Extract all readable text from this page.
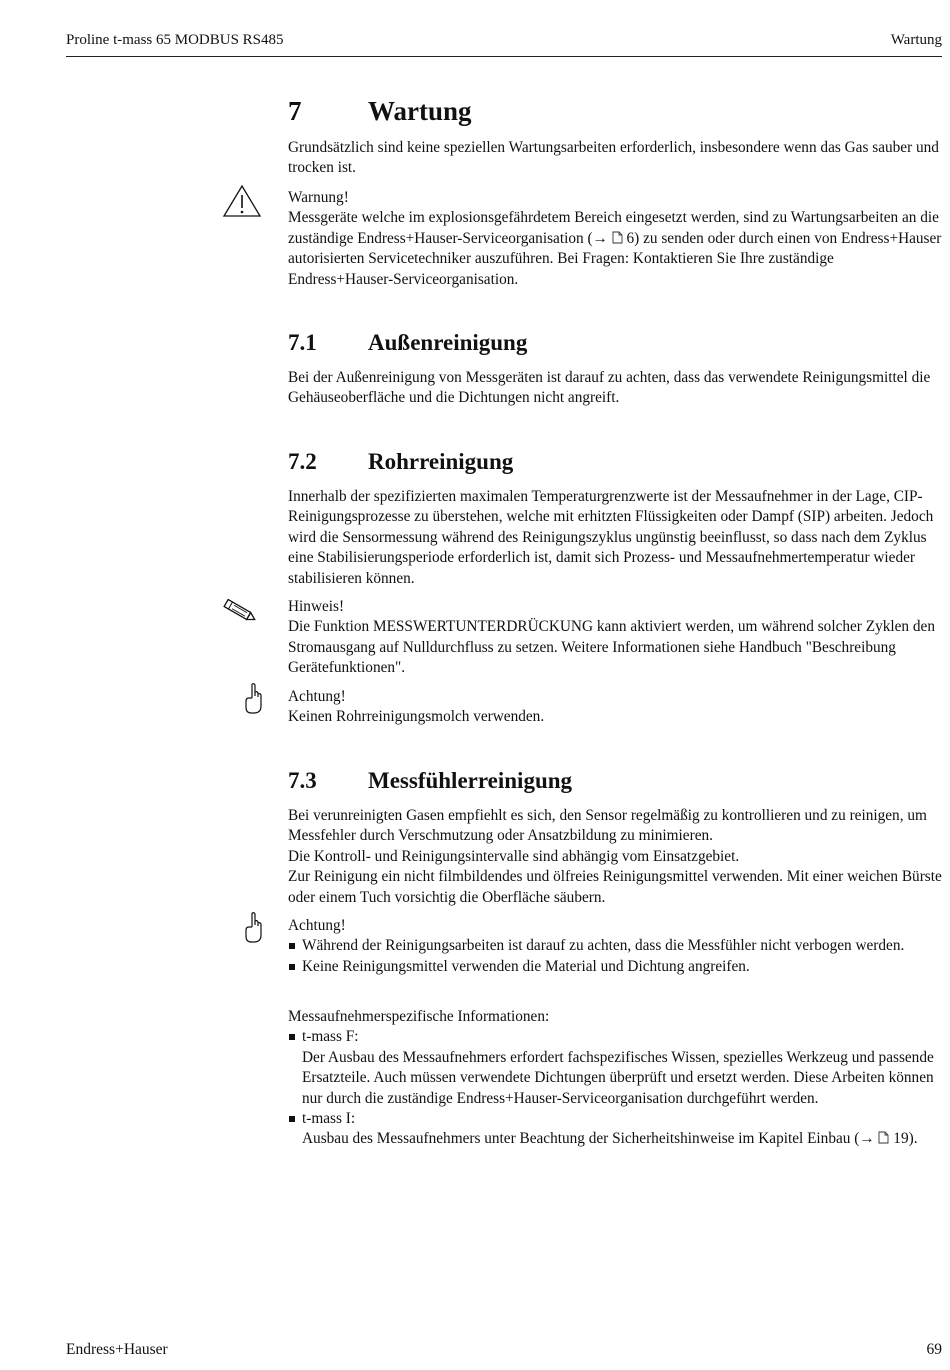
Proline t-mass 65 MODBUS RS485	Wartung
7 Wartung

Grundsätzlich sind keine speziellen Wartungsarbeiten erforderlich, insbesondere wenn das Gas sauber und trocken ist.

Warnung!

Messgeräte welche im explosionsgefährdetem Bereich eingesetzt werden, sind zu Wartungsarbeiten an die zuständige Endress+Hauser-Serviceorganisation (→ 6) zu senden oder durch einen von Endress+Hauser autorisierten Servicetechniker auszuführen. Bei Fragen: Kontaktieren Sie Ihre zuständige Endress+Hauser-Serviceorganisation.

7.1 Außenreinigung

Bei der Außenreinigung von Messgeräten ist darauf zu achten, dass das verwendete Reinigungsmittel die Gehäuseoberfläche und die Dichtungen nicht angreift.

7.2 Rohrreinigung

Innerhalb der spezifizierten maximalen Temperaturgrenzwerte ist der Messaufnehmer in der Lage, CIP-Reinigungsprozesse zu überstehen, welche mit erhitzten Flüssigkeiten oder Dampf (SIP) arbeiten. Jedoch wird die Sensormessung während des Reinigungszyklus ungünstig beeinflusst, so dass nach dem Zyklus eine Stabilisierungsperiode erforderlich ist, damit sich Prozess- und Messaufnehmertemperatur wieder stabilisieren können.

Hinweis!

Die Funktion MESSWERTUNTERDRÜCKUNG kann aktiviert werden, um während solcher Zyklen den Stromausgang auf Nulldurchfluss zu setzen. Weitere Informationen siehe Handbuch "Beschreibung Gerätefunktionen".

Achtung!

Keinen Rohrreinigungsmolch verwenden.

7.3 Messfühlerreinigung

Bei verunreinigten Gasen empfiehlt es sich, den Sensor regelmäßig zu kontrollieren und zu reinigen, um Messfehler durch Verschmutzung oder Ansatzbildung zu minimieren.

Die Kontroll- und Reinigungsintervalle sind abhängig vom Einsatzgebiet.

Zur Reinigung ein nicht filmbildendes und ölfreies Reinigungsmittel verwenden. Mit einer weichen Bürste oder einem Tuch vorsichtig die Oberfläche säubern.

Achtung!

Während der Reinigungsarbeiten ist darauf zu achten, dass die Messfühler nicht verbogen werden.
Keine Reinigungsmittel verwenden die Material und Dichtung angreifen.

Messaufnehmerspezifische Informationen:

t-mass F:
Der Ausbau des Messaufnehmers erfordert fachspezifisches Wissen, spezielles Werkzeug und passende Ersatzteile. Auch müssen verwendete Dichtungen überprüft und ersetzt werden. Diese Arbeiten können nur durch die zuständige Endress+Hauser-Serviceorganisation durchgeführt werden.
t-mass I:
Ausbau des Messaufnehmers unter Beachtung der Sicherheitshinweise im Kapitel Einbau (→ 19).
Endress+Hauser	69
